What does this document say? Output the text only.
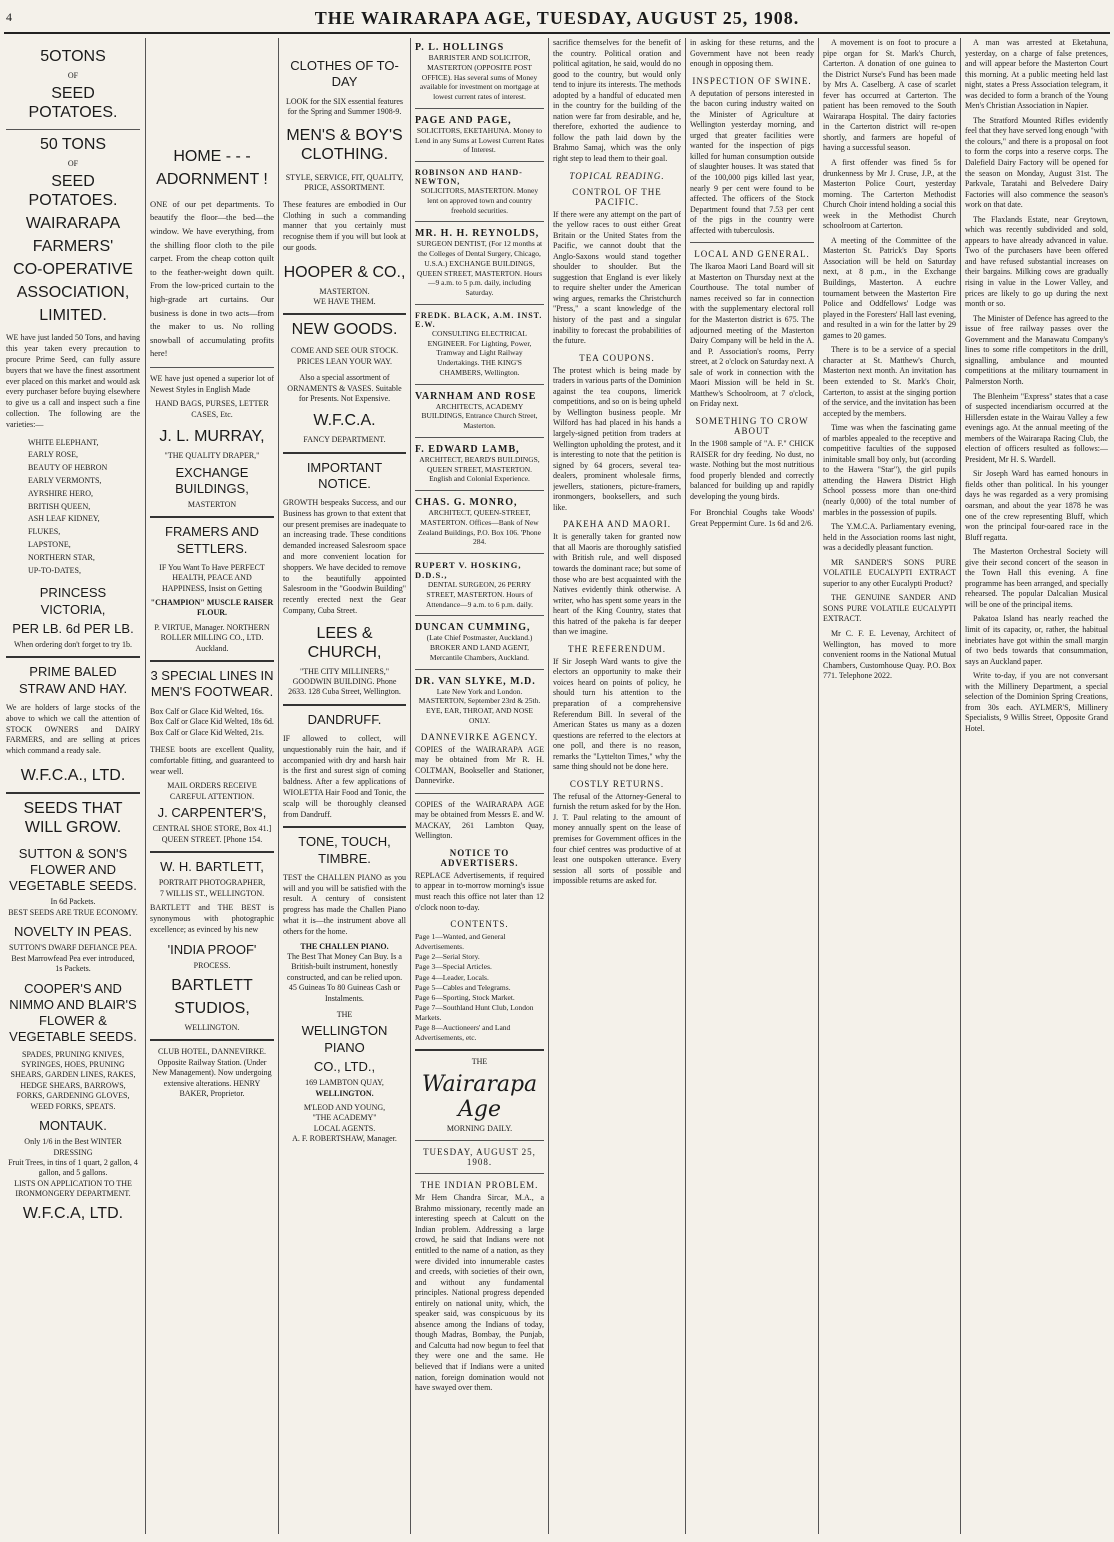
4	THE WAIRARAPA AGE, TUESDAY, AUGUST 25, 1908.
5OTONS
OF
SEED POTATOES.
50 TONS
OF
SEED POTATOES.
WAIRARAPA
FARMERS'
CO-OPERATIVE
ASSOCIATION,
LIMITED.
WE have just landed 50 Tons, and having this year taken every precaution to procure Prime Seed, can fully assure buyers that we have the finest assortment ever placed on this market and would ask every purchaser before buying elsewhere to give us a call and inspect such a fine collection. The following are the varieties:—
WHITE ELEPHANT,
EARLY ROSE,
BEAUTY OF HEBRON
EARLY VERMONTS,
AYRSHIRE HERO,
BRITISH QUEEN,
ASH LEAF KIDNEY,
FLUKES,
LAPSTONE,
NORTHERN STAR,
UP-TO-DATES,
PRINCESS VICTORIA,
PER LB. 6d PER LB.
When ordering don't forget to try 1b.
PRIME BALED STRAW AND HAY.
We are holders of large stocks of the above to which we call the attention of STOCK OWNERS and DAIRY FARMERS, and are selling at prices which command a ready sale.
W.F.C.A., LTD.
SEEDS THAT WILL GROW.
SUTTON & SON'S FLOWER AND VEGETABLE SEEDS.
In 6d Packets.
BEST SEEDS ARE TRUE ECONOMY.
NOVELTY IN PEAS.
SUTTON'S DWARF DEFIANCE PEA.
Best Marrowfead Pea ever introduced,
1s Packets.
COOPER'S AND NIMMO AND BLAIR'S FLOWER & VEGETABLE SEEDS.
SPADES, PRUNING KNIVES, SYRINGES, HOES, PRUNING SHEARS, GARDEN LINES, RAKES, HEDGE SHEARS, BARROWS, FORKS, GARDENING GLOVES, WEED FORKS, SPEATS.
MONTAUK.
Only 1/6 in the Best WINTER DRESSING
Fruit Trees, in tins of 1 quart, 2 gallon, 4 gallon, and 5 gallons.
LISTS ON APPLICATION TO THE IRONMONGERY DEPARTMENT.
W.F.C.A, LTD.
HOME - - -
ADORNMENT !
ONE of our pet departments. To beautify the floor—the bed—the window. We have everything, from the shilling floor cloth to the pile carpet. From the cheap cotton quilt to the feather-weight down quilt. From the low-priced curtain to the high-grade art curtains. Our business is done in two acts—from the maker to us. No rolling snowball of accumulating profits here!
WE have just opened a superior lot of Newest Styles in English Made
HAND BAGS, PURSES, LETTER CASES, Etc.
J. L. MURRAY,
"THE QUALITY DRAPER,"
EXCHANGE BUILDINGS,
MASTERTON
FRAMERS AND SETTLERS.
IF You Want To Have PERFECT HEALTH, PEACE AND HAPPINESS, Insist on Getting
"CHAMPION" MUSCLE RAISER FLOUR.
P. VIRTUE, Manager. NORTHERN ROLLER MILLING CO., LTD. Auckland.
3 SPECIAL LINES IN MEN'S FOOTWEAR.
Box Calf or Glace Kid Welted, 16s.
Box Calf or Glace Kid Welted, 18s 6d.
Box Calf or Glace Kid Welted, 21s.
THESE boots are excellent Quality, comfortable fitting, and guaranteed to wear well.
MAIL ORDERS RECEIVE CAREFUL ATTENTION.
J. CARPENTER'S,
CENTRAL SHOE STORE, Box 41.] QUEEN STREET. [Phone 154.
W. H. BARTLETT,
PORTRAIT PHOTOGRAPHER,
7 WILLIS ST., WELLINGTON.
BARTLETT and THE BEST is synonymous with photographic excellence; as evinced by his new
'INDIA PROOF'
PROCESS.
BARTLETT
STUDIOS,
WELLINGTON.
CLUB HOTEL, DANNEVIRKE. Opposite Railway Station. (Under New Management). Now undergoing extensive alterations. HENRY BAKER, Proprietor.
CLOTHES OF TO-DAY
LOOK for the SIX essential features for the Spring and Summer 1908-9.
MEN'S & BOY'S CLOTHING.
STYLE, SERVICE, FIT, QUALITY, PRICE, ASSORTMENT.
These features are embodied in Our Clothing in such a commanding manner that you certainly must recognise them if you will but look at our goods.
HOOPER & CO.,
MASTERTON.
WE HAVE THEM.
NEW GOODS.
COME AND SEE OUR STOCK. PRICES LEAN YOUR WAY.
Also a special assortment of ORNAMENTS & VASES. Suitable for Presents. Not Expensive.
W.F.C.A.
FANCY DEPARTMENT.
IMPORTANT NOTICE.
GROWTH bespeaks Success, and our Business has grown to that extent that our present premises are inadequate to an increasing trade. These conditions demanded increased Salesroom space and more convenient location for shoppers. We have decided to remove to the beautifully appointed Salesroom in the "Goodwin Building" recently erected next the Gear Company, Cuba Street.
LEES & CHURCH,
"THE CITY MILLINERS,"
GOODWIN BUILDING. Phone 2633. 128 Cuba Street, Wellington.
DANDRUFF.
IF allowed to collect, will unquestionably ruin the hair, and if accompanied with dry and harsh hair is the first and surest sign of coming baldness. After a few applications of WIOLETTA Hair Food and Tonic, the scalp will be thoroughly cleansed from Dandruff.
TONE, TOUCH, TIMBRE.
TEST the CHALLEN PIANO as you will and you will be satisfied with the result. A century of consistent progress has made the Challen Piano what it is—the instrument above all others for the home.
THE CHALLEN PIANO.
The Best That Money Can Buy. Is a British-built instrument, honestly constructed, and can be relied upon.
45 Guineas To 80 Guineas Cash or Instalments.
THE
WELLINGTON PIANO
CO., LTD.,
169 LAMBTON QUAY,
WELLINGTON.
M'LEOD AND YOUNG,
"THE ACADEMY"
LOCAL AGENTS.
A. F. ROBERTSHAW, Manager.
P. L. HOLLINGS
BARRISTER AND SOLICITOR, MASTERTON (OPPOSITE POST OFFICE). Has several sums of Money available for investment on mortgage at lowest current rates of interest.
PAGE AND PAGE,
SOLICITORS, EKETAHUNA. Money to Lend in any Sums at Lowest Current Rates of Interest.
ROBINSON AND HAND-NEWTON,
SOLICITORS, MASTERTON. Money lent on approved town and country freehold securities.
MR. H. H. REYNOLDS,
SURGEON DENTIST, (For 12 months at the Colleges of Dental Surgery, Chicago, U.S.A.) EXCHANGE BUILDINGS, QUEEN STREET, MASTERTON. Hours—9 a.m. to 5 p.m. daily, including Saturday.
FREDK. BLACK, A.M. INST. E.W.
CONSULTING ELECTRICAL ENGINEER. For Lighting, Power, Tramway and Light Railway Undertakings. THE KING'S CHAMBERS, Wellington.
VARNHAM AND ROSE
ARCHITECTS, ACADEMY BUILDINGS, Entrance Church Street, Masterton.
F. EDWARD LAMB,
ARCHITECT, BEARD'S BUILDINGS, QUEEN STREET, MASTERTON. English and Colonial Experience.
CHAS. G. MONRO,
ARCHITECT, QUEEN-STREET, MASTERTON. Offices—Bank of New Zealand Buildings, P.O. Box 106. 'Phone 284.
RUPERT V. HOSKING, D.D.S.,
DENTAL SURGEON, 26 PERRY STREET, MASTERTON. Hours of Attendance—9 a.m. to 6 p.m. daily.
DUNCAN CUMMING,
(Late Chief Postmaster, Auckland.) BROKER AND LAND AGENT, Mercantile Chambers, Auckland.
DR. VAN SLYKE, M.D.
Late New York and London. MASTERTON, September 23rd & 25th. EYE, EAR, THROAT, AND NOSE ONLY.
DANNEVIRKE AGENCY.
COPIES of the WAIRARAPA AGE may be obtained from Mr R. H. COLTMAN, Bookseller and Stationer, Dannevirke.
COPIES of the WAIRARAPA AGE may be obtained from Messrs E. and W. MACKAY, 261 Lambton Quay, Wellington.
NOTICE TO ADVERTISERS.
REPLACE Advertisements, if required to appear in to-morrow morning's issue must reach this office not later than 12 o'clock noon to-day.
CONTENTS.
Page 1—Wanted, and General Advertisements.
Page 2—Serial Story.
Page 3—Special Articles.
Page 4—Leader, Locals.
Page 5—Cables and Telegrams.
Page 6—Sporting, Stock Market.
Page 7—Southland Hunt Club, London Markets.
Page 8—Auctioneers' and Land Advertisements, etc.
THE
Wairarapa Age
MORNING DAILY.
TUESDAY, AUGUST 25, 1908.
THE INDIAN PROBLEM.
Mr Hem Chandra Sircar, M.A., a Brahmo missionary, recently made an interesting speech at Calcutt on the Indian problem. Addressing a large crowd, he said that Indians were not entitled to the name of a nation, as they were divided into innumerable castes and creeds, with societies of their own, and without any fundamental principles. National progress depended entirely on national unity, which, the speaker said, was conspicuous by its absence among the Indians of today, though Madras, Bombay, the Punjab, and Calcutta had now begun to feel that they were one and the same. He believed that if Indians were a united nation, foreign domination would not have swayed over them.
sacrifice themselves for the benefit of the country. Political oration and political agitation, he said, would do no good to the country, but would only tend to injure its interests. The methods adopted by a handful of educated men in the country for the building of the nation were far from desirable, and he, therefore, exhorted the audience to follow the path laid down by the Brahmo Samaj, which was the only right step to lead them to their goal.
TOPICAL READING.
CONTROL OF THE PACIFIC.
If there were any attempt on the part of the yellow races to oust either Great Britain or the United States from the Pacific, we cannot doubt that the Anglo-Saxons would stand together shoulder to shoulder. But the suggestion that England is ever likely to require shelter under the American wing argues, remarks the Christchurch "Press," a scant knowledge of the history of the past and a singular inability to forecast the probabilities of the future.
TEA COUPONS.
The protest which is being made by traders in various parts of the Dominion against the tea coupons, limerick competitions, and so on is being upheld by Wellington business people. Mr Wilford has had placed in his hands a largely-signed petition from traders at Wellington upholding the protest, and it is interesting to note that the petition is signed by 64 grocers, several tea-dealers, prominent wholesale firms, jewellers, stationers, picture-framers, ironmongers, booksellers, and such like.
PAKEHA AND MAORI.
It is generally taken for granted now that all Maoris are thoroughly satisfied with British rule, and well disposed towards the dominant race; but some of those who are best acquainted with the Natives evidently think otherwise. A writer, who has spent some years in the heart of the King Country, states that this hatred of the pakeha is far deeper than we imagine.
THE REFERENDUM.
If Sir Joseph Ward wants to give the electors an opportunity to make their voices heard on points of policy, he should turn his attention to the preparation of a comprehensive Referendum Bill. In several of the American States us many as a dozen questions are referred to the electors at one poll, and there is no reason, remarks the "Lyttelton Times," why the same thing should not be done here.
COSTLY RETURNS.
The refusal of the Attorney-General to furnish the return asked for by the Hon. J. T. Paul relating to the amount of money annually spent on the lease of premises for Government offices in the four chief centres was productive of at least one outspoken utterance. Every session all sorts of possible and impossible returns are asked for.
in asking for these returns, and the Government have not been ready enough in opposing them.
INSPECTION OF SWINE.
A deputation of persons interested in the bacon curing industry waited on the Minister of Agriculture at Wellington yesterday morning, and urged that greater facilities were wanted for the inspection of pigs killed for human consumption outside of slaughter houses. It was stated that of the 100,000 pigs killed last year, nearly 9 per cent were found to be affected. The officers of the Stock Department found that 7.53 per cent of the pigs in the country were affected with tuberculosis.
LOCAL AND GENERAL.
The Ikaroa Maori Land Board will sit at Masterton on Thursday next at the Courthouse. The total number of names received so far in connection with the supplementary electoral roll for the Masterton district is 675. The adjourned meeting of the Masterton Dairy Company will be held in the A. and P. Association's rooms, Perry street, at 2 o'clock on Saturday next. A sale of work in connection with the Maori Mission will be held in St. Matthew's Schoolroom, at 7 o'clock, on Friday next.
SOMETHING TO CROW ABOUT
In the 1908 sample of "A. F." CHICK RAISER for dry feeding. No dust, no waste. Nothing but the most nutritious food properly blended and correctly balanced for building up and rapidly developing the young birds.
For Bronchial Coughs take Woods' Great Peppermint Cure. 1s 6d and 2/6.
A movement is on foot to procure a pipe organ for St. Mark's Church, Carterton. A donation of one guinea to the District Nurse's Fund has been made by Mrs A. Caselberg. A case of scarlet fever has occurred at Carterton. The patient has been removed to the South Wairarapa Hospital. The dairy factories in the Carterton district will re-open shortly, and farmers are hopeful of having a successful season.
A first offender was fined 5s for drunkenness by Mr J. Cruse, J.P., at the Masterton Police Court, yesterday morning. The Carterton Methodist Church Choir intend holding a social this week in the Methodist Church schoolroom at Carterton.
A meeting of the Committee of the Masterton St. Patrick's Day Sports Association will be held on Saturday next, at 8 p.m., in the Exchange Buildings, Masterton. A euchre tournament between the Masterton Fire Police and Oddfellows' Lodge was played in the Foresters' Hall last evening, and resulted in a win for the latter by 29 games to 20 games.
There is to be a service of a special character at St. Matthew's Church, Masterton next month. An invitation has been extended to St. Mark's Choir, Carterton, to assist at the singing portion of the service, and the invitation has been accepted by the members.
Time was when the fascinating game of marbles appealed to the receptive and competitive faculties of the supposed inimitable small boy only, but (according to the Hawera "Star"), the girl pupils attending the Hawera District High School possess more than one-third (nearly 0,000) of the total number of marbles in the possession of pupils.
The Y.M.C.A. Parliamentary evening, held in the Association rooms last night, was a decidedly pleasant function.
MR SANDER'S SONS PURE VOLATILE EUCALYPTI EXTRACT superior to any other Eucalypti Product?
THE GENUINE SANDER AND SONS PURE VOLATILE EUCALYPTI EXTRACT.
Mr C. F. E. Levenay, Architect of Wellington, has moved to more convenient rooms in the National Mutual Chambers, Customhouse Quay. P.O. Box 771. Telephone 2022.
A man was arrested at Eketahuna, yesterday, on a charge of false pretences, and will appear before the Masterton Court this morning. At a public meeting held last night, states a Press Association telegram, it was decided to form a branch of the Young Men's Christian Association in Napier.
The Stratford Mounted Rifles evidently feel that they have served long enough "with the colours," and there is a proposal on foot to form the corps into a reserve corps. The Dalefield Dairy Factory will be opened for the season on Monday, August 31st. The Parkvale, Taratahi and Belvedere Dairy Factories will also commence the season's work on that date.
The Flaxlands Estate, near Greytown, which was recently subdivided and sold, appears to have already advanced in value. Two of the purchasers have been offered and have refused substantial increases on their bargains. Milking cows are gradually rising in value in the Lower Valley, and prices are likely to go up during the next month or so.
The Minister of Defence has agreed to the issue of free railway passes over the Government and the Manawatu Company's lines to some rifle competitors in the drill, signalling, ambulance and mounted competitions at the military tournament in Palmerston North.
The Blenheim "Express" states that a case of suspected incendiarism occurred at the Hillersden estate in the Wairau Valley a few evenings ago. At the annual meeting of the members of the Wairarapa Racing Club, the election of officers resulted as follows:—President, Mr H. S. Wardell.
Sir Joseph Ward has earned honours in fields other than political. In his younger days he was regarded as a very promising oarsman, and about the year 1878 he was one of the crew representing Bluff, which won the principal four-oared race in the Bluff regatta.
The Masterton Orchestral Society will give their second concert of the season in the Town Hall this evening. A fine programme has been arranged, and specially rehearsed. The popular Dalcalian Musical will be one of the principal items.
Pakatoa Island has nearly reached the limit of its capacity, or, rather, the habitual inebriates have got within the small margin of two beds towards that consummation, says an Auckland paper.
Write to-day, if you are not conversant with the Millinery Department, a special selection of the Dominion Spring Creations, from 30s each. AYLMER'S, Millinery Specialists, 9 Willis Street, Opposite Grand Hotel.
